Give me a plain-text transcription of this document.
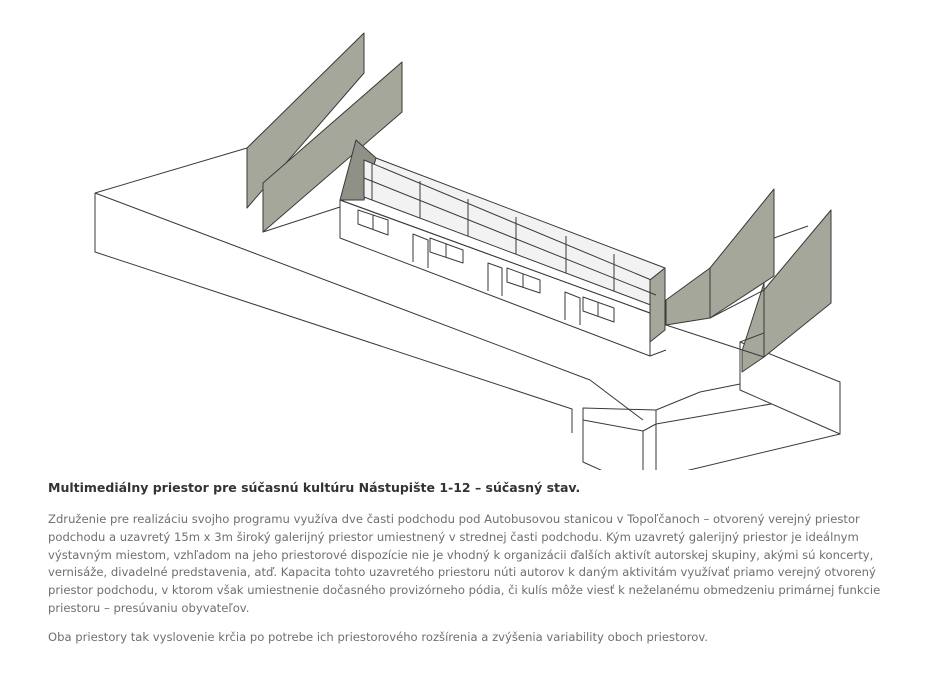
Multimediálny priestor pre súčasnú kultúru Nástupište 1-12 – súčasný stav.

Združenie pre realizáciu svojho programu využíva dve časti podchodu pod Autobusovou stanicou v Topoľčanoch – otvorený verejný priestor podchodu a uzavretý 15m x 3m široký galerijný priestor umiestnený v strednej časti podchodu. Kým uzavretý galerijný priestor je ideálnym výstavným miestom, vzhľadom na jeho priestorové dispozície nie je vhodný k organizácii ďalších aktivít autorskej skupiny, akými sú koncerty, vernisáže, divadelné predstavenia, atď. Kapacita tohto uzavretého priestoru núti autorov k daným aktivitám využívať priamo verejný otvorený priestor podchodu, v ktorom však umiestnenie dočasného provizórneho pódia, či kulís môže viesť k neželanému obmedzeniu primárnej funkcie priestoru – presúvaniu obyvateľov.

Oba priestory tak vyslovenie krčia po potrebe ich priestorového rozšírenia a zvýšenia variability oboch priestorov.
